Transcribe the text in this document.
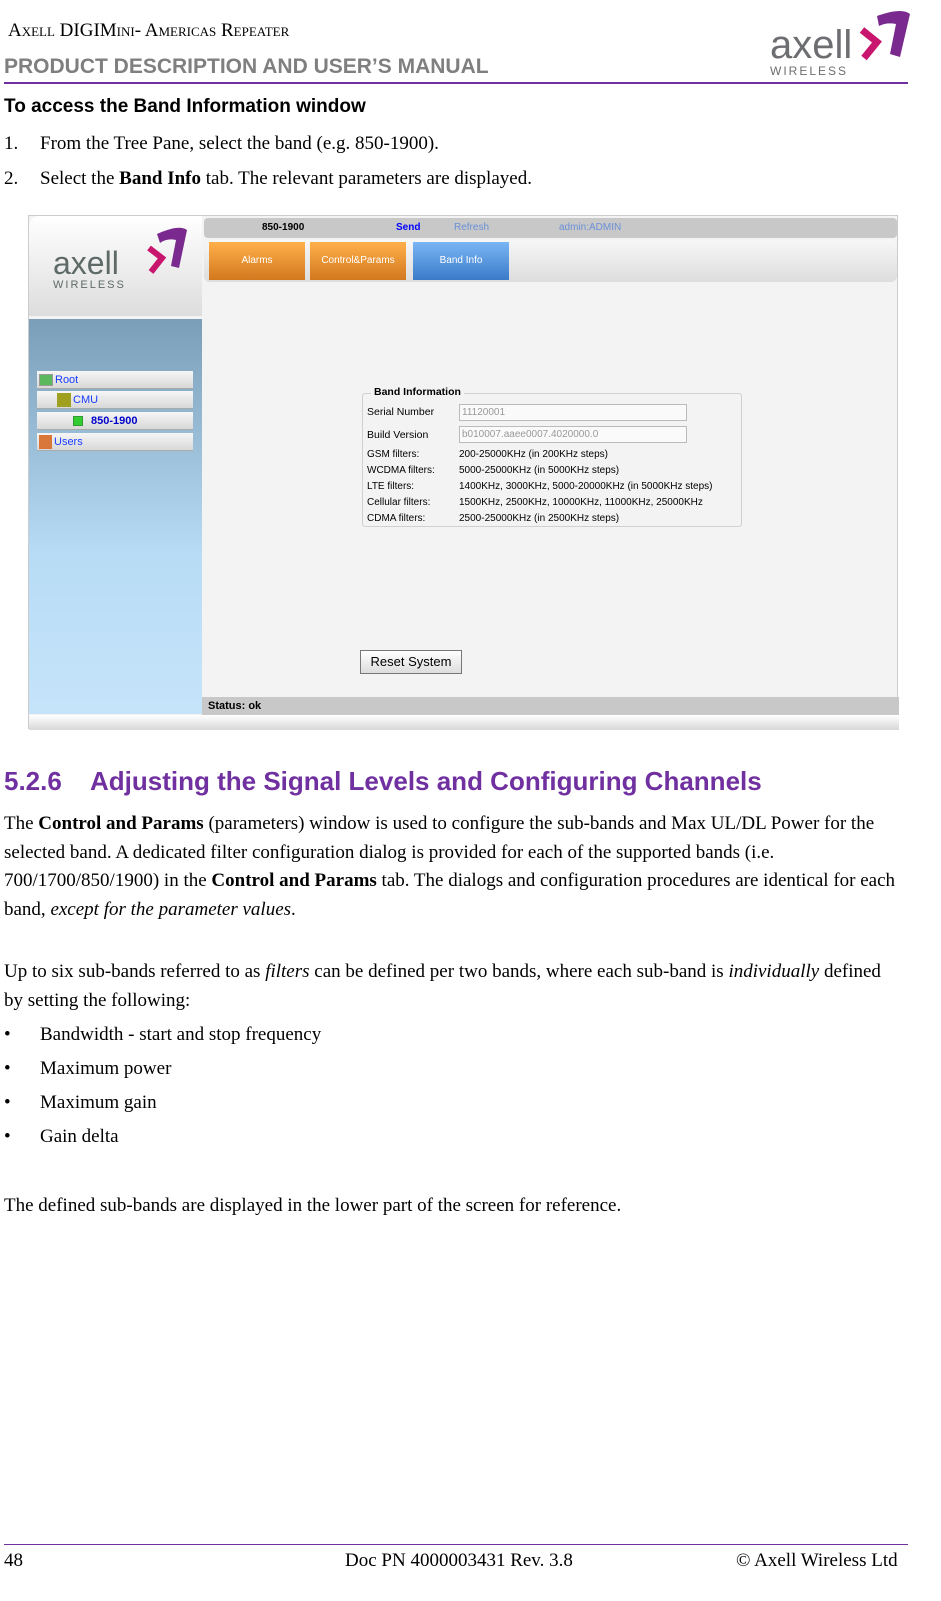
Axell DIGIMini- Americas Repeater
PRODUCT DESCRIPTION AND USER’S MANUAL	axell
WIRELESS
To access the Band Information window
1. From the Tree Pane, select the band (e.g. 850-1900).
2. Select the Band Info tab. The relevant parameters are displayed.
axell
WIRELESS
Root
CMU
850-1900
Users
850-1900	Send	Refresh	admin:ADMIN
Alarms	Control&Params	Band Info
Band Information
Serial Number	11120001
Build Version	b010007.aaee0007.4020000.0
GSM filters:	200-25000KHz (in 200KHz steps)
WCDMA filters: 5000-25000KHz (in 5000KHz steps)
LTE filters:	1400KHz, 3000KHz, 5000-20000KHz (in 5000KHz steps)
Cellular filters:	1500KHz, 2500KHz, 10000KHz, 11000KHz, 25000KHz
CDMA filters:	2500-25000KHz (in 2500KHz steps)
Reset System
Status: ok
5.2.6 Adjusting the Signal Levels and Configuring Channels
The Control and Params (parameters) window is used to configure the sub-bands and Max UL/DL Power for the selected band. A dedicated filter configuration dialog is provided for each of the supported bands (i.e. 700/1700/850/1900) in the Control and Params tab. The dialogs and configuration procedures are identical for each band, except for the parameter values.
Up to six sub-bands referred to as filters can be defined per two bands, where each sub-band is individually defined by setting the following:
• Bandwidth - start and stop frequency
• Maximum power
• Maximum gain
• Gain delta
The defined sub-bands are displayed in the lower part of the screen for reference.
48	Doc PN 4000003431 Rev. 3.8	© Axell Wireless Ltd
